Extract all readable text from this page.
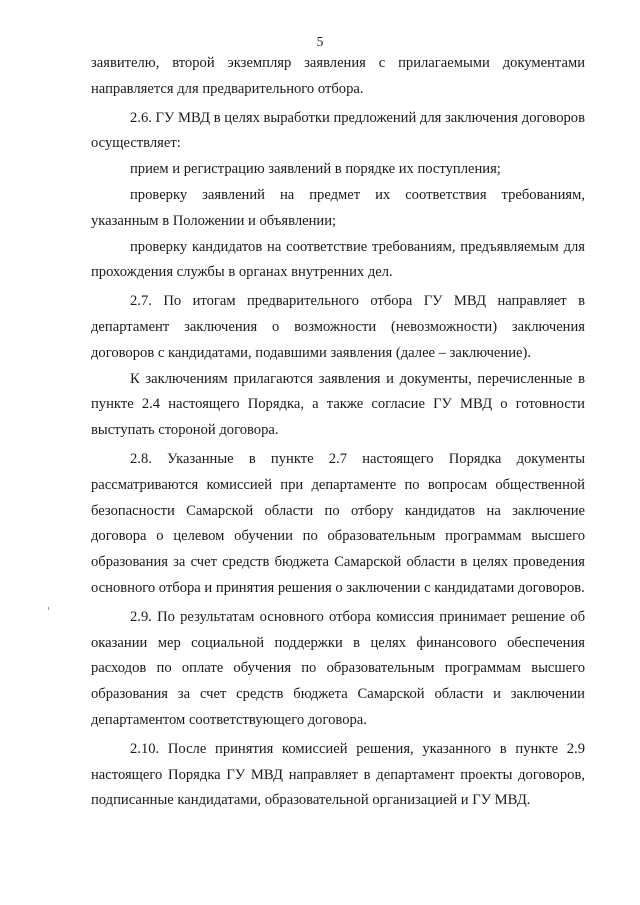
5

заявителю, второй экземпляр заявления с прилагаемыми документами направляется для предварительного отбора.

2.6. ГУ МВД в целях выработки предложений для заключения договоров осуществляет:

прием и регистрацию заявлений в порядке их поступления;

проверку заявлений на предмет их соответствия требованиям, указанным в Положении и объявлении;

проверку кандидатов на соответствие требованиям, предъявляемым для прохождения службы в органах внутренних дел.

2.7. По итогам предварительного отбора ГУ МВД направляет в департамент заключения о возможности (невозможности) заключения договоров с кандидатами, подавшими заявления (далее – заключение).

К заключениям прилагаются заявления и документы, перечисленные в пункте 2.4 настоящего Порядка, а также согласие ГУ МВД о готовности выступать стороной договора.

2.8. Указанные в пункте 2.7 настоящего Порядка документы рассматриваются комиссией при департаменте по вопросам общественной безопасности Самарской области по отбору кандидатов на заключение договора о целевом обучении по образовательным программам высшего образования за счет средств бюджета Самарской области в целях проведения основного отбора и принятия решения о заключении с кандидатами договоров.

2.9. По результатам основного отбора комиссия принимает решение об оказании мер социальной поддержки в целях финансового обеспечения расходов по оплате обучения по образовательным программам высшего образования за счет средств бюджета Самарской области и заключении департаментом соответствующего договора.

2.10. После принятия комиссией решения, указанного в пункте 2.9 настоящего Порядка ГУ МВД направляет в департамент проекты договоров, подписанные кандидатами, образовательной организацией и ГУ МВД.
